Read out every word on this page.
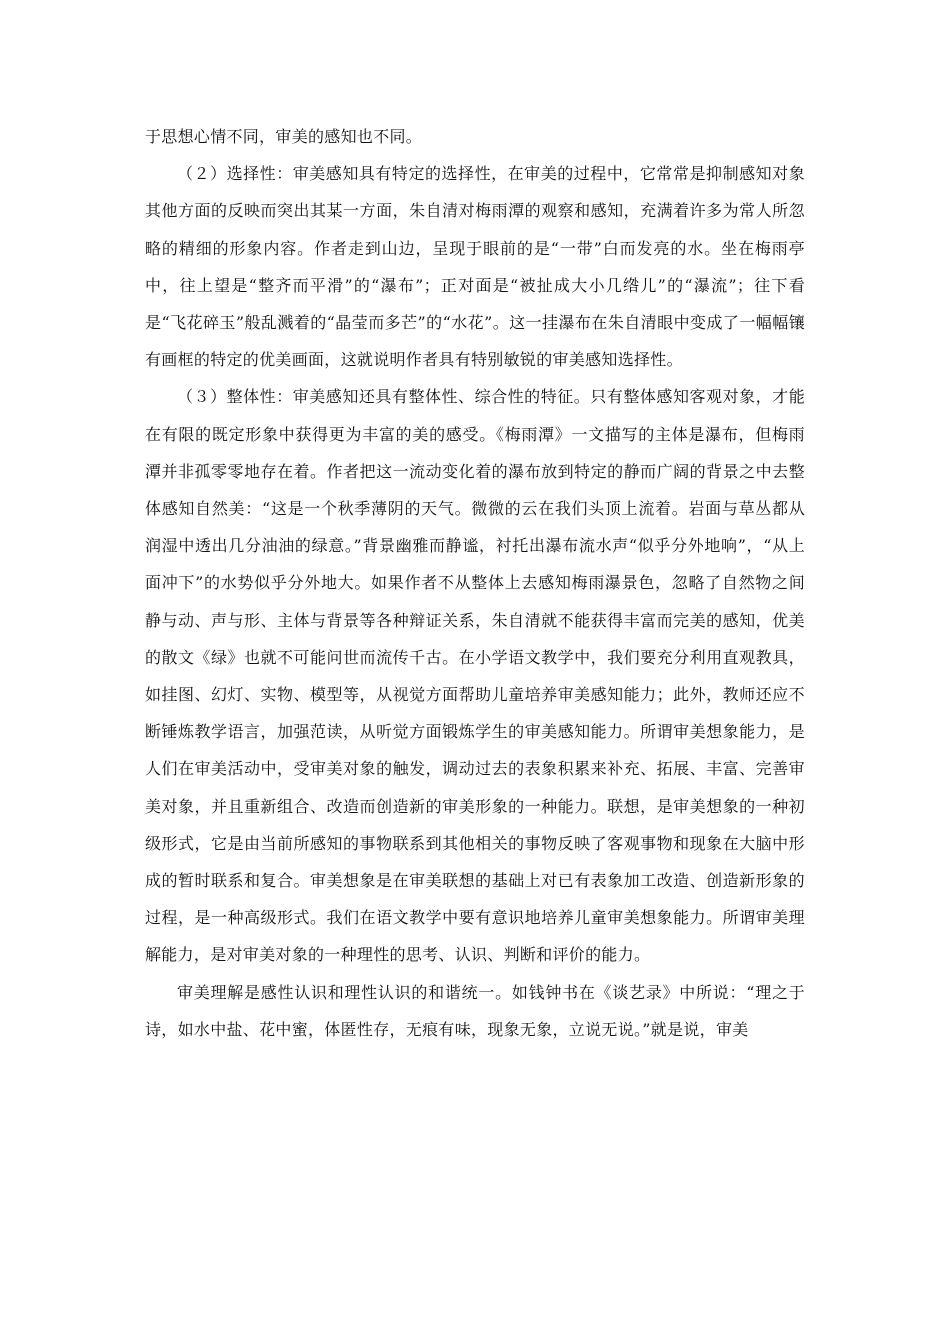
于思想心情不同，审美的感知也不同。

（２）选择性：审美感知具有特定的选择性，在审美的过程中，它常常是抑制感知对象其他方面的反映而突出其某一方面，朱自清对梅雨潭的观察和感知，充满着许多为常人所忽略的精细的形象内容。作者走到山边，呈现于眼前的是“一带”白而发亮的水。坐在梅雨亭中，往上望是“整齐而平滑”的“瀑布”；正对面是“被扯成大小几绺儿”的“瀑流”；往下看是“飞花碎玉”般乱溅着的“晶莹而多芒”的“水花”。这一挂瀑布在朱自清眼中变成了一幅幅镶有画框的特定的优美画面，这就说明作者具有特别敏锐的审美感知选择性。

（３）整体性：审美感知还具有整体性、综合性的特征。只有整体感知客观对象，才能在有限的既定形象中获得更为丰富的美的感受。《梅雨潭》一文描写的主体是瀑布，但梅雨潭并非孤零零地存在着。作者把这一流动变化着的瀑布放到特定的静而广阔的背景之中去整体感知自然美：“这是一个秋季薄阴的天气。微微的云在我们头顶上流着。岩面与草丛都从润湿中透出几分油油的绿意。”背景幽雅而静谧，衬托出瀑布流水声“似乎分外地响”，“从上面冲下”的水势似乎分外地大。如果作者不从整体上去感知梅雨瀑景色，忽略了自然物之间静与动、声与形、主体与背景等各种辩证关系，朱自清就不能获得丰富而完美的感知，优美的散文《绿》也就不可能问世而流传千古。在小学语文教学中，我们要充分利用直观教具，如挂图、幻灯、实物、模型等，从视觉方面帮助儿童培养审美感知能力；此外，教师还应不断锤炼教学语言，加强范读，从听觉方面锻炼学生的审美感知能力。所谓审美想象能力，是人们在审美活动中，受审美对象的触发，调动过去的表象积累来补充、拓展、丰富、完善审美对象，并且重新组合、改造而创造新的审美形象的一种能力。联想，是审美想象的一种初级形式，它是由当前所感知的事物联系到其他相关的事物反映了客观事物和现象在大脑中形成的暂时联系和复合。审美想象是在审美联想的基础上对已有表象加工改造、创造新形象的过程，是一种高级形式。我们在语文教学中要有意识地培养儿童审美想象能力。所谓审美理解能力，是对审美对象的一种理性的思考、认识、判断和评价的能力。

审美理解是感性认识和理性认识的和谐统一。如钱钟书在《谈艺录》中所说：“理之于诗，如水中盐、花中蜜，体匿性存，无痕有味，现象无象，立说无说。”就是说，审美
